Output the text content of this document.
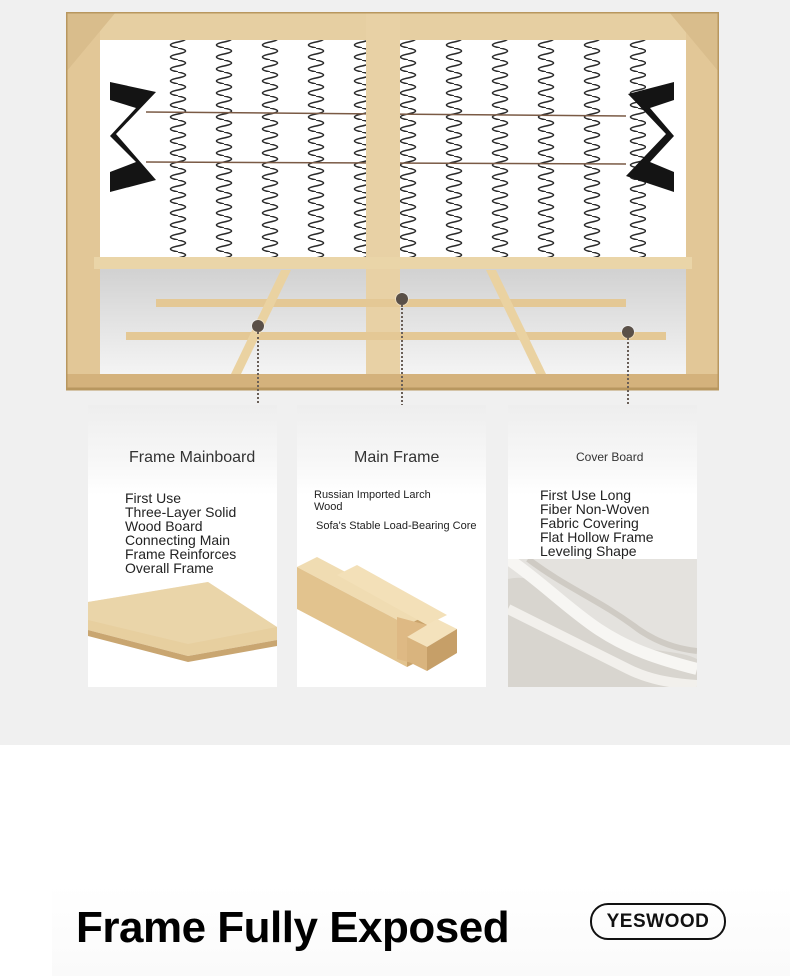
Frame Mainboard
First Use
Three-Layer Solid
Wood Board
Connecting Main
Frame Reinforces
Overall Frame
Main Frame
Russian Imported Larch
Wood
Sofa's Stable Load-Bearing Core
Cover Board
First Use Long
Fiber Non-Woven
Fabric Covering
Flat Hollow Frame
Leveling Shape
Frame Fully Exposed	YESWOOD
